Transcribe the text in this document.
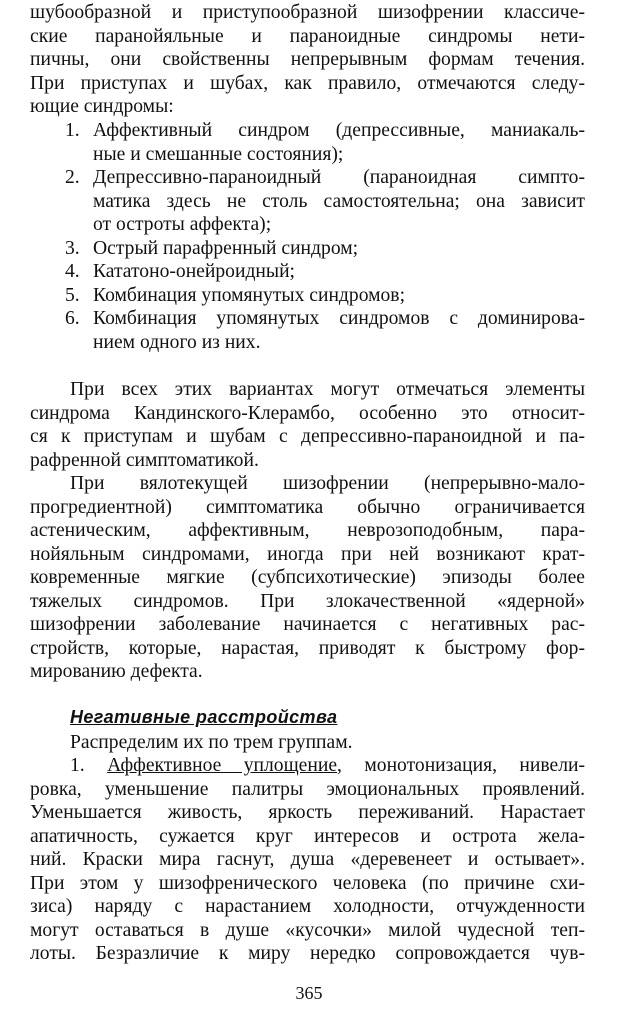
шубообразной и приступообразной шизофрении классиче-
ские паранойяльные и параноидные синдромы нети-
пичны, они свойственны непрерывным формам течения.
При приступах и шубах, как правило, отмечаются следу-
ющие синдромы:
1. Аффективный синдром (депрессивные, маниакаль-
ные и смешанные состояния);
2. Депрессивно-параноидный (параноидная симпто-
матика здесь не столь самостоятельна; она зависит
от остроты аффекта);
3. Острый парафренный синдром;
4. Кататоно-онейроидный;
5. Комбинация упомянутых синдромов;
6. Комбинация упомянутых синдромов с доминирова-
нием одного из них.
При всех этих вариантах могут отмечаться элементы
синдрома Кандинского-Клерамбо, особенно это относит-
ся к приступам и шубам с депрессивно-параноидной и па-
рафренной симптоматикой.
При вялотекущей шизофрении (непрерывно-мало-
прогредиентной) симптоматика обычно ограничивается
астеническим, аффективным, неврозоподобным, пара-
нойяльным синдромами, иногда при ней возникают крат-
ковременные мягкие (субпсихотические) эпизоды более
тяжелых синдромов. При злокачественной «ядерной»
шизофрении заболевание начинается с негативных рас-
стройств, которые, нарастая, приводят к быстрому фор-
мированию дефекта.
Негативные расстройства
Распределим их по трем группам.
1. Аффективное уплощение, монотонизация, нивели-
ровка, уменьшение палитры эмоциональных проявлений.
Уменьшается живость, яркость переживаний. Нарастает
апатичность, сужается круг интересов и острота жела-
ний. Краски мира гаснут, душа «деревенеет и остывает».
При этом у шизофренического человека (по причине схи-
зиса) наряду с нарастанием холодности, отчужденности
могут оставаться в душе «кусочки» милой чудесной теп-
лоты. Безразличие к миру нередко сопровождается чув-
365
